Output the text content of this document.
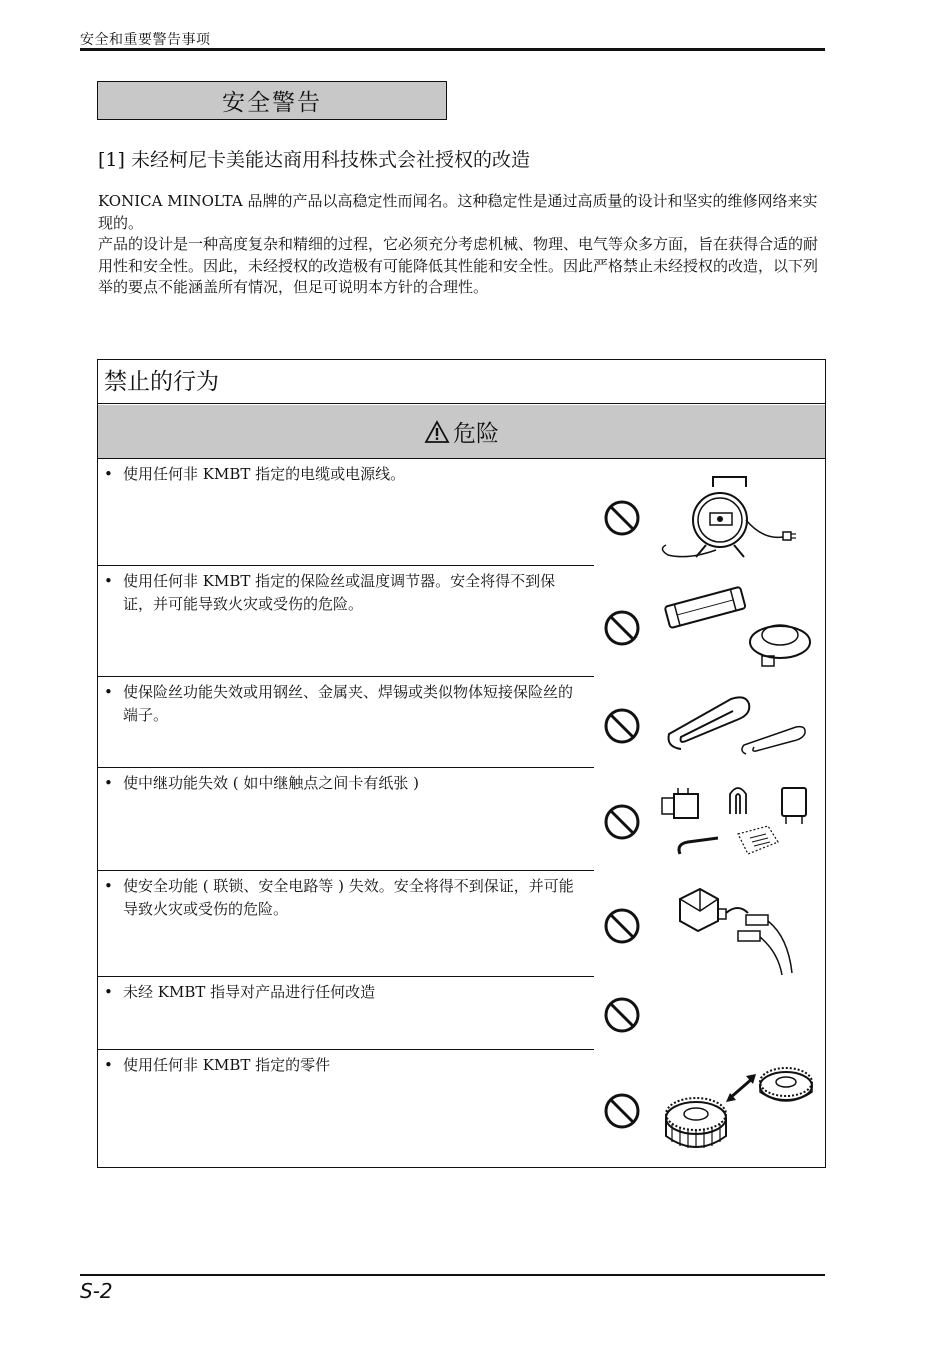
安全和重要警告事项
安全警告
[1] 未经柯尼卡美能达商用科技株式会社授权的改造

KONICA MINOLTA 品牌的产品以高稳定性而闻名。这种稳定性是通过高质量的设计和坚实的维修网络来实现的。

产品的设计是一种高度复杂和精细的过程，它必须充分考虑机械、物理、电气等众多方面，旨在获得合适的耐用性和安全性。因此，未经授权的改造极有可能降低其性能和安全性。因此严格禁止未经授权的改造，以下列举的要点不能涵盖所有情况，但足可说明本方针的合理性。

禁止的行为
危险
• 使用任何非 KMBT 指定的电缆或电源线。
• 使用任何非 KMBT 指定的保险丝或温度调节器。安全将得不到保证，并可能导致火灾或受伤的危险。
• 使保险丝功能失效或用钢丝、金属夹、焊锡或类似物体短接保险丝的端子。
• 使中继功能失效 ( 如中继触点之间卡有纸张 )
• 使安全功能 ( 联锁、安全电路等 ) 失效。安全将得不到保证，并可能导致火灾或受伤的危险。
• 未经 KMBT 指导对产品进行任何改造
• 使用任何非 KMBT 指定的零件
S-2
